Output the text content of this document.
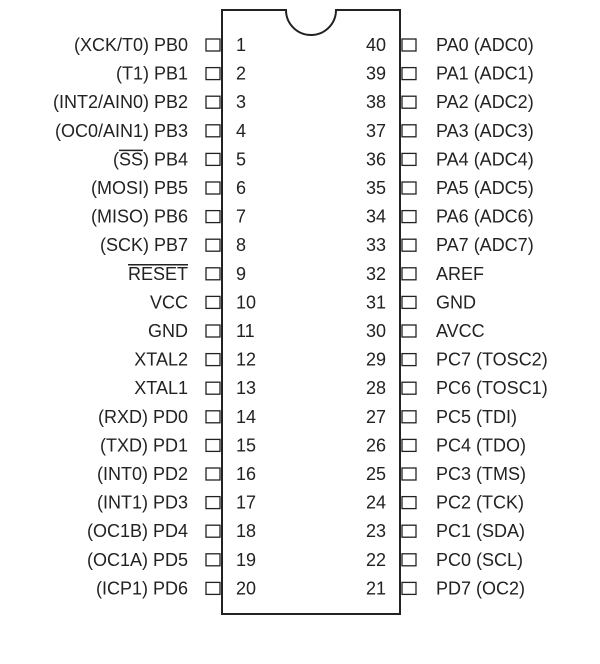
(XCK/T0) PB0	1
(T1) PB1	2
(INT2/AIN0) PB2	3
(OC0/AIN1) PB3	4
(SS) PB4	5
(MOSI) PB5	6
(MISO) PB6	7
(SCK) PB7	8
RESET	9
VCC	10
GND	11
XTAL2	12
XTAL1	13
(RXD) PD0	14
(TXD) PD1	15
(INT0) PD2	16
(INT1) PD3	17
(OC1B) PD4	18
(OC1A) PD5	19
(ICP1) PD6	20
40	PA0 (ADC0)
39	PA1 (ADC1)
38	PA2 (ADC2)
37	PA3 (ADC3)
36	PA4 (ADC4)
35	PA5 (ADC5)
34	PA6 (ADC6)
33	PA7 (ADC7)
32	AREF
31	GND
30	AVCC
29	PC7 (TOSC2)
28	PC6 (TOSC1)
27	PC5 (TDI)
26	PC4 (TDO)
25	PC3 (TMS)
24	PC2 (TCK)
23	PC1 (SDA)
22	PC0 (SCL)
21	PD7 (OC2)
